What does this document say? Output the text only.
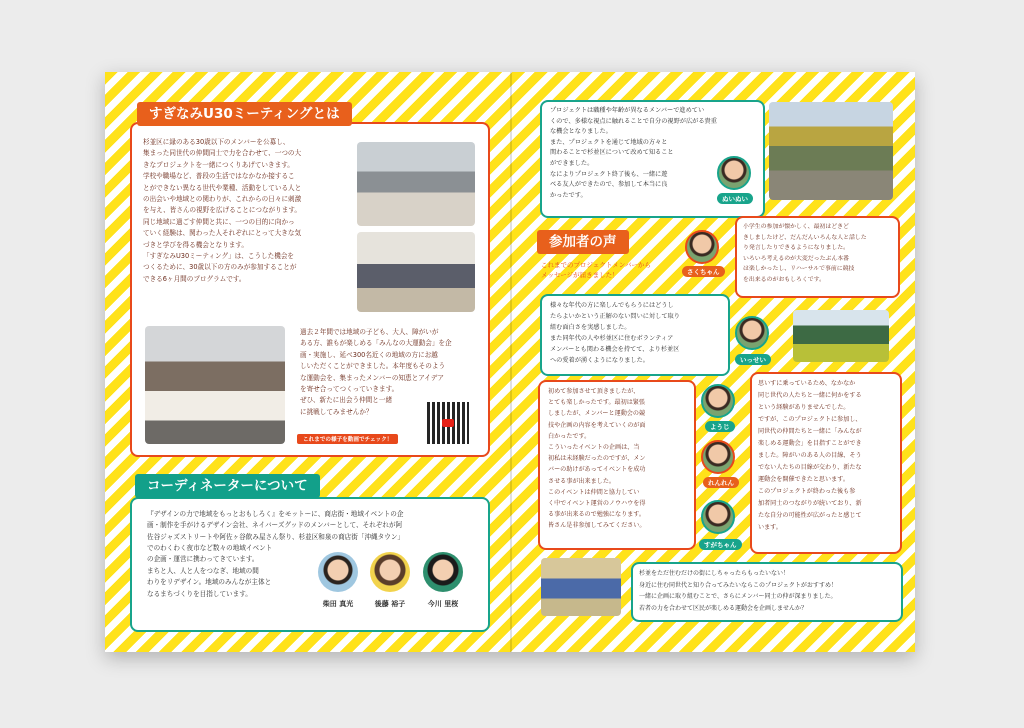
すぎなみU30ミーティングとは
杉並区に縁のある30歳以下のメンバーを公募し、
集まった同世代の仲間同士で力を合わせて、一つの大
きなプロジェクトを一緒につくりあげていきます。
学校や職場など、普段の生活ではなかなか接するこ
とができない異なる世代や業種、活動をしている人と
の出会いや地域との関わりが、これからの日々に刺激
を与え、皆さんの視野を広げることにつながります。
同じ地域に過ごす仲間と共に、一つの目的に向かっ
ていく経験は、関わった人それぞれにとって大きな気
づきと学びを得る機会となります。
「すぎなみU30ミーティング」は、こうした機会を
つくるために、30歳以下の方のみが参加することが
できる6ヶ月間のプログラムです。
過去２年間では地域の子ども、大人、障がいが
ある方、誰もが楽しめる「みんなの大運動会」を企
画・実施し、延べ300名近くの地域の方にお越
しいただくことができました。本年度もそのよう
な運動会を、集まったメンバーの知恵とアイデア
を寄せ合ってつくっていきます。
ぜひ、新たに出会う仲間と一緒
に挑戦してみませんか？
これまでの様子を動画でチェック！
コーディネーターについて
『デザインの力で地域をもっとおもしろく』をモットーに、商店街・地域イベントの企
画・制作を手がけるデザイン会社、ネイバーズグッドのメンバーとして、それぞれが阿
佐谷ジャズストリートや阿佐ヶ谷飲み屋さん祭り、杉並区和泉の商店街「沖縄タウン」
でのわくわく夜市など数々の地域イベント
の企画・運営に携わってきています。
まちと人、人と人をつなぎ、地域の間
わりをリデザイン。地域のみんなが主体と
なるまちづくりを目指しています。
柴田 真光	後藤 裕子	今川 里桜
プロジェクトは職種や年齢が異なるメンバーで進めてい
くので、多様な視点に触れることで自分の視野が広がる貴重
な機会となりました。
また、プロジェクトを通じて地域の方々と
関わることで杉並区について改めて知ること
ができました。
なによりプロジェクト終了後も、一緒に遊
べる友人ができたので、参加して本当に良
かったです。	ぬいぬい
参加者の声
これまでのプロジェクトメンバーから
メッセージが届きました！	さくちゃん
小学生の参加が懐かしく、最初はどきど
きしましたけど、だんだんいろんな人と話した
り発言したりできるようになりました。
いろいろ考えるのが大変だったぶん本番
は楽しかったし、リハーサルで事前に競技
を出来るのがおもしろくです。
様々な年代の方に楽しんでもらうにはどうし
たらよいかという正解のない問いに対して取り
組む面白さを実感しました。
また同年代の人や杉並区に住むボランティア
メンバーとも関わる機会を持てて、より杉並区
への愛着が湧くようになりました。	いっせい
初めて参加させて頂きましたが、
とても楽しかったです。最初は緊張
しましたが、メンバーと運動会の競
技や企画の内容を考えていくのが面
白かったです。
こういったイベントの企画は、当
初私は未経験だったのですが、メン
バーの助けがあってイベントを成功
させる事が出来ました。
このイベントは仲間と協力してい
く中でイベント運営のノウハウを得
る事が出来るので勉強になります。
皆さん是非参加してみてください。
ようじ
れんれん
すがちゃん
思いすに乗っているため、なかなか
同じ世代の人たちと一緒に何かをする
という経験がありませんでした。
ですが、このプロジェクトに参加し、
同世代の仲間たちと一緒に「みんなが
楽しめる運動会」を目指すことができ
ました。障がいのある人の目線、そう
でない人たちの目線が交わり、新たな
運動会を開催できたと思います。
このプロジェクトが終わった後も参
加者同士のつながりが続いており、新
たな自分の可能性が広がったと感じて
います。
杉並をただ住むだけの街にしちゃったらもったいない！
身近に住む同世代と知り合ってみたいならこのプロジェクトがおすすめ！
一緒に企画に取り組むことで、さらにメンバー同士の仲が深まりました。
若者の力を合わせて区民が楽しめる運動会を企画しませんか？
